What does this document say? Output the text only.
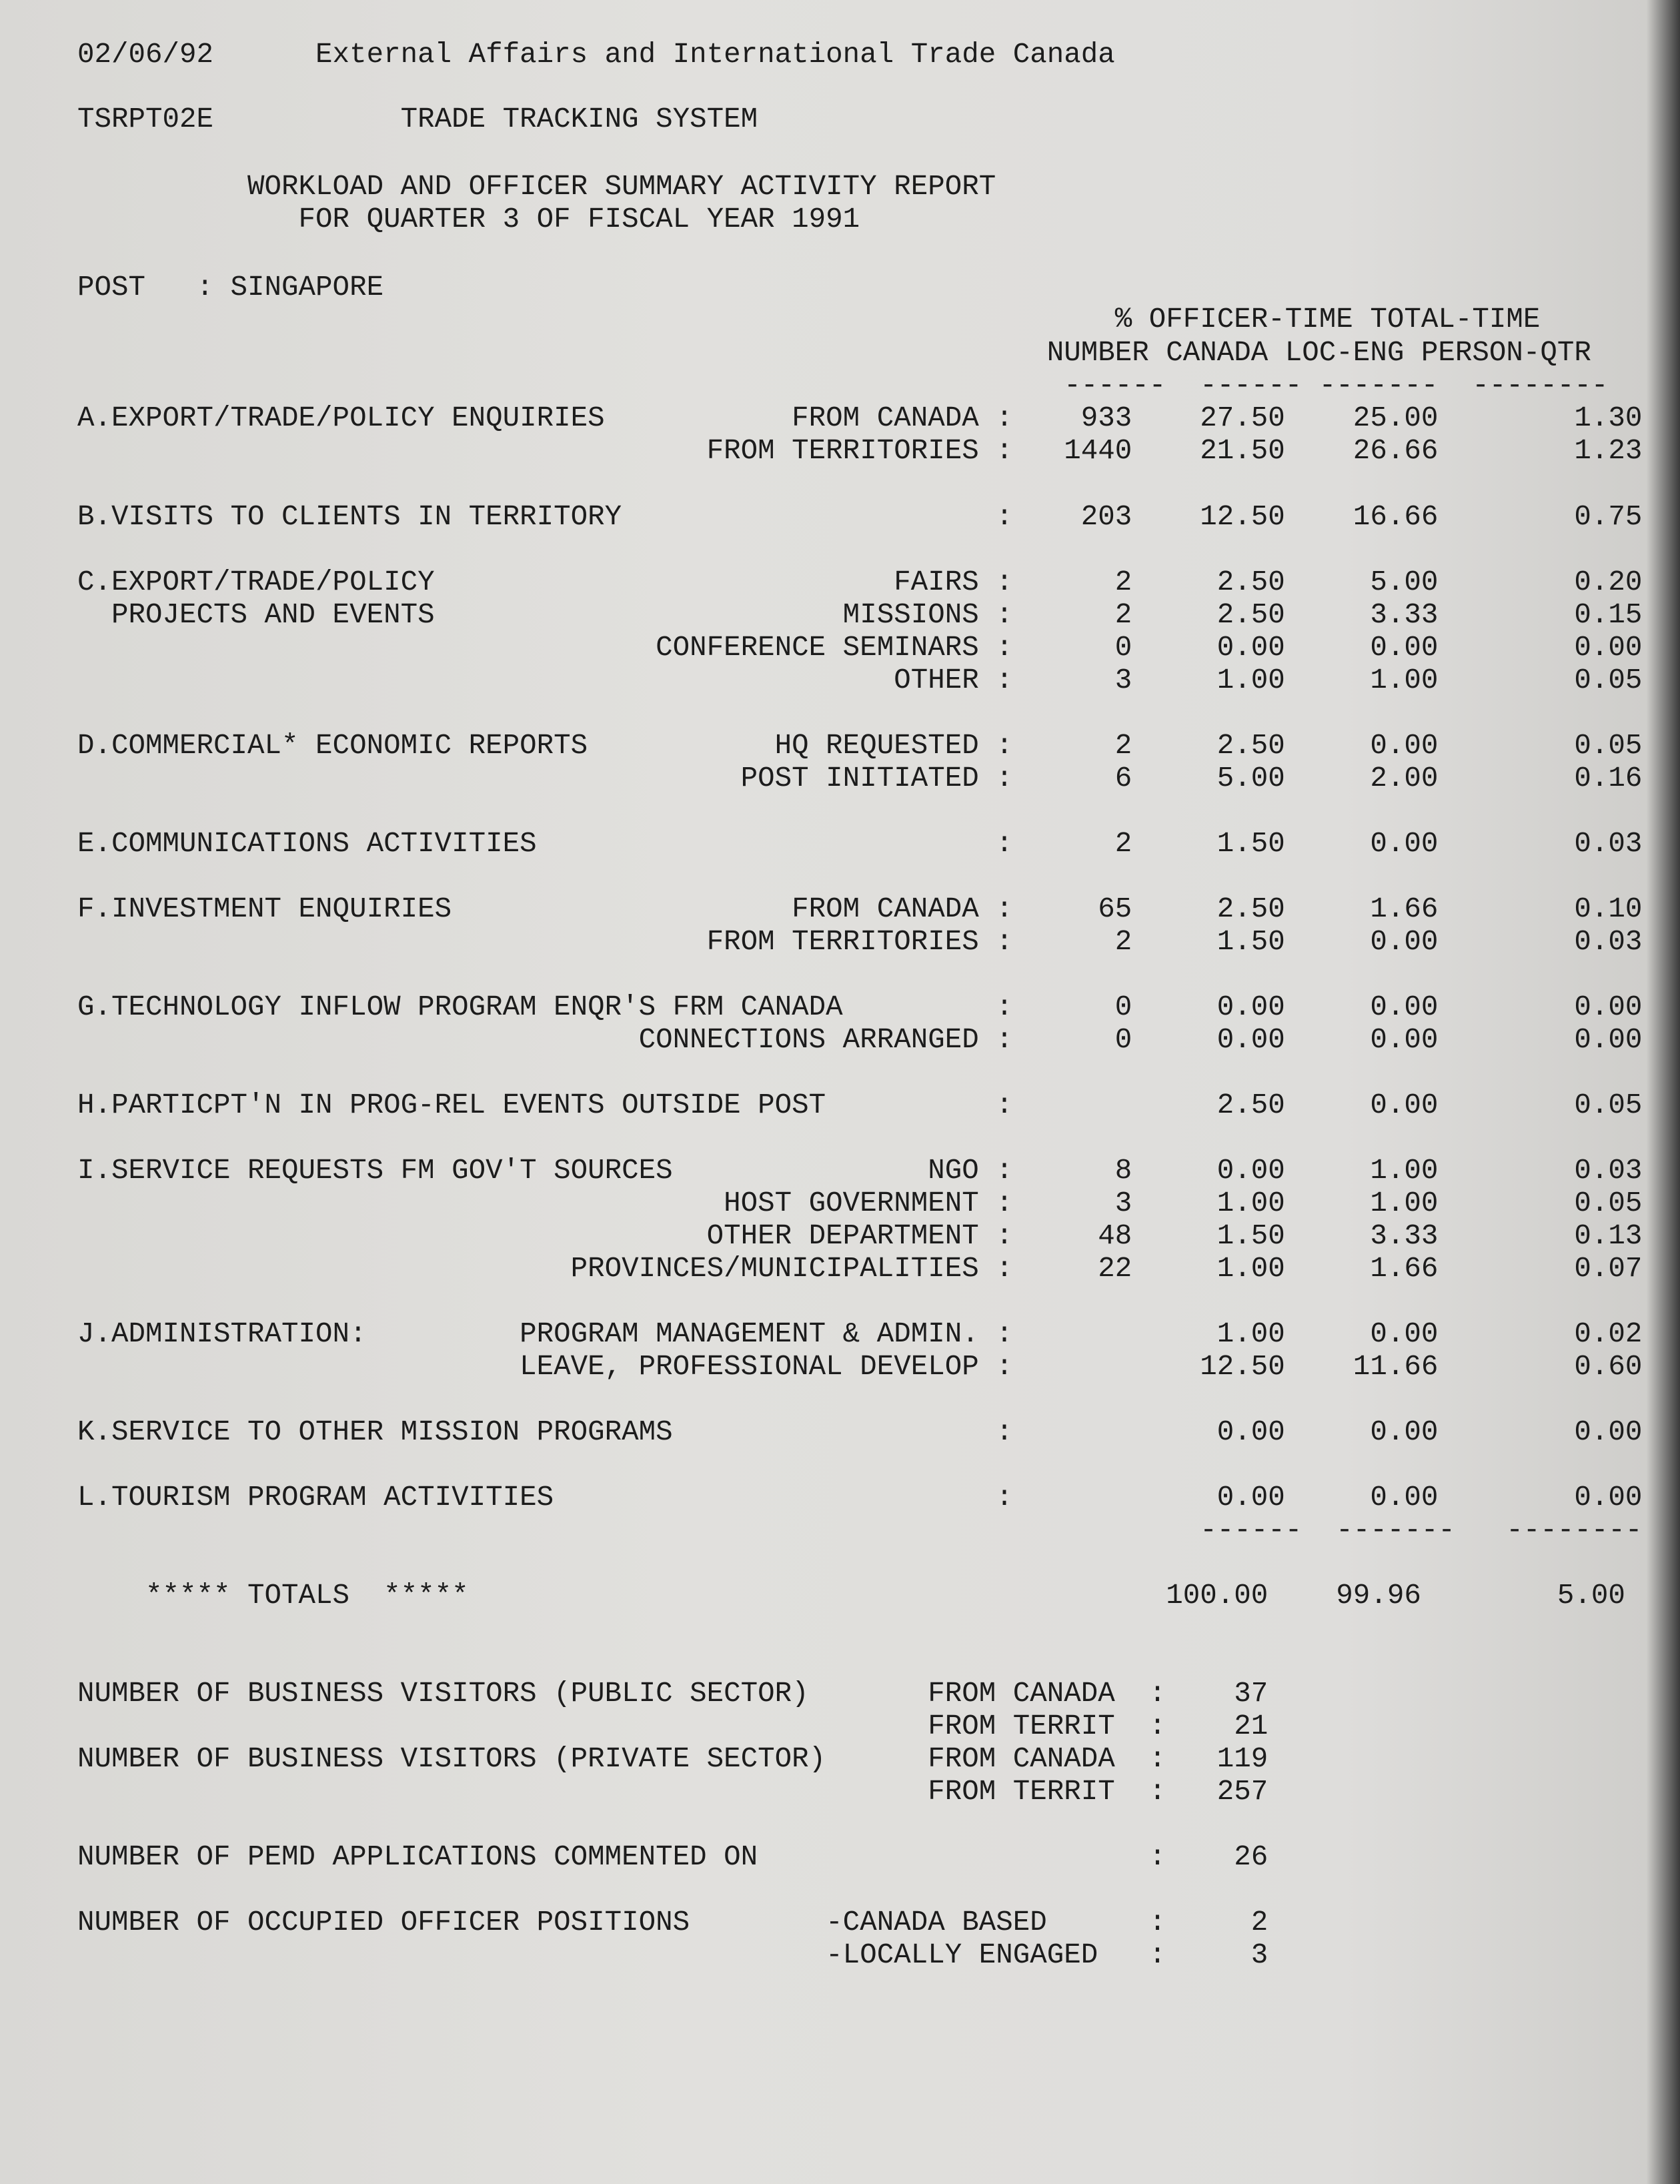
02/06/92      External Affairs and International Trade Canada
TSRPT02E           TRADE TRACKING SYSTEM
WORKLOAD AND OFFICER SUMMARY ACTIVITY REPORT
FOR QUARTER 3 OF FISCAL YEAR 1991
POST   : SINGAPORE
% OFFICER-TIME TOTAL-TIME
NUMBER CANADA LOC-ENG PERSON-QTR
------  ------ -------  --------
A.EXPORT/TRADE/POLICY ENQUIRIES           FROM CANADA :    933    27.50    25.00        1.30
FROM TERRITORIES :   1440    21.50    26.66        1.23
B.VISITS TO CLIENTS IN TERRITORY                      :    203    12.50    16.66        0.75
C.EXPORT/TRADE/POLICY                           FAIRS :      2     2.50     5.00        0.20
PROJECTS AND EVENTS                        MISSIONS :      2     2.50     3.33        0.15
CONFERENCE SEMINARS :      0     0.00     0.00        0.00
OTHER :      3     1.00     1.00        0.05
D.COMMERCIAL* ECONOMIC REPORTS           HQ REQUESTED :      2     2.50     0.00        0.05
POST INITIATED :      6     5.00     2.00        0.16
E.COMMUNICATIONS ACTIVITIES                           :      2     1.50     0.00        0.03
F.INVESTMENT ENQUIRIES                    FROM CANADA :     65     2.50     1.66        0.10
FROM TERRITORIES :      2     1.50     0.00        0.03
G.TECHNOLOGY INFLOW PROGRAM ENQR'S FRM CANADA         :      0     0.00     0.00        0.00
CONNECTIONS ARRANGED :      0     0.00     0.00        0.00
H.PARTICPT'N IN PROG-REL EVENTS OUTSIDE POST          :            2.50     0.00        0.05
I.SERVICE REQUESTS FM GOV'T SOURCES               NGO :      8     0.00     1.00        0.03
HOST GOVERNMENT :      3     1.00     1.00        0.05
OTHER DEPARTMENT :     48     1.50     3.33        0.13
PROVINCES/MUNICIPALITIES :     22     1.00     1.66        0.07
J.ADMINISTRATION:         PROGRAM MANAGEMENT & ADMIN. :            1.00     0.00        0.02
LEAVE, PROFESSIONAL DEVELOP :           12.50    11.66        0.60
K.SERVICE TO OTHER MISSION PROGRAMS                   :            0.00     0.00        0.00
L.TOURISM PROGRAM ACTIVITIES                          :            0.00     0.00        0.00
------  -------   --------
***** TOTALS  *****                                         100.00    99.96        5.00
NUMBER OF BUSINESS VISITORS (PUBLIC SECTOR)       FROM CANADA  :    37
FROM TERRIT  :    21
NUMBER OF BUSINESS VISITORS (PRIVATE SECTOR)      FROM CANADA  :   119
FROM TERRIT  :   257
NUMBER OF PEMD APPLICATIONS COMMENTED ON                       :    26
NUMBER OF OCCUPIED OFFICER POSITIONS        -CANADA BASED      :     2
-LOCALLY ENGAGED   :     3
